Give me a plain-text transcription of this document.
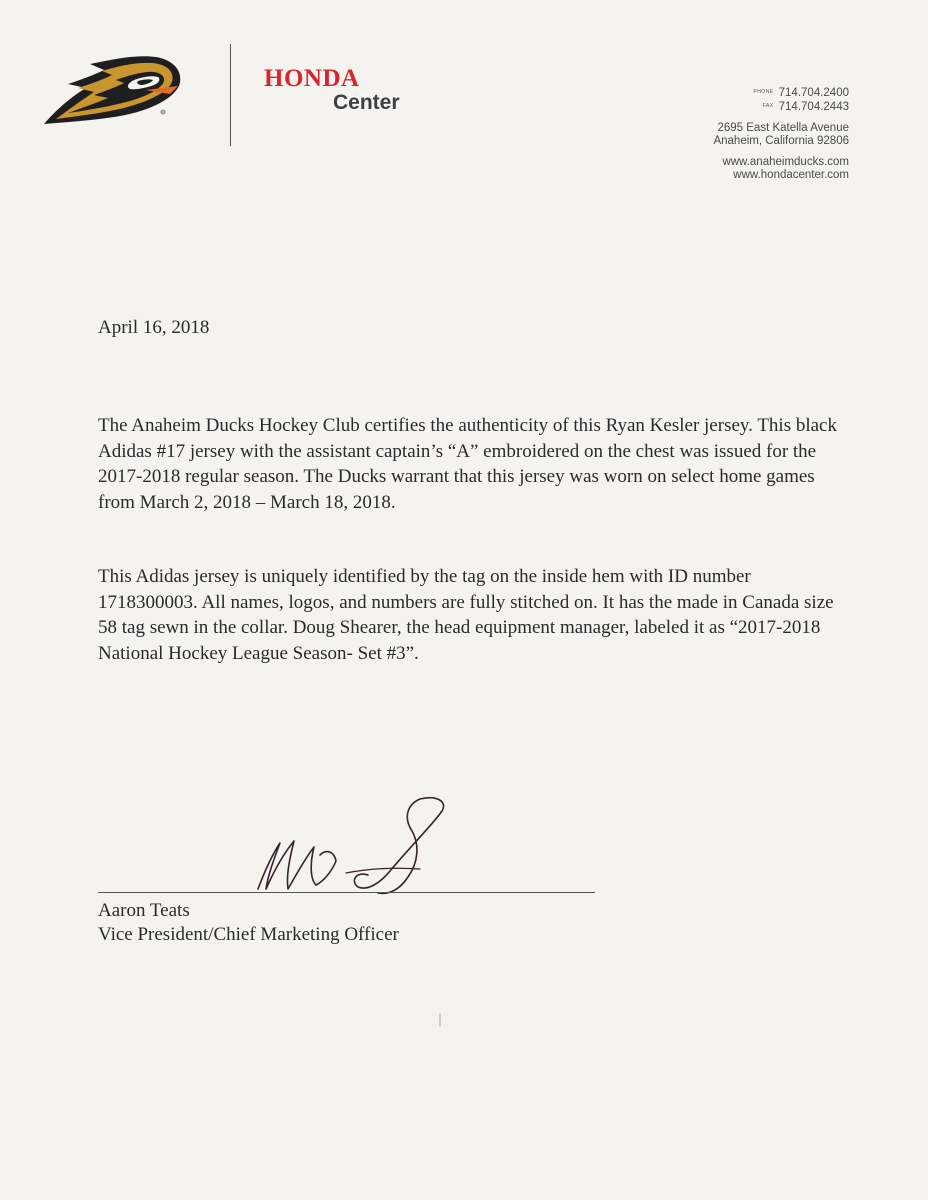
R
HONDA
Center	PHONE 714.704.2400
FAX 714.704.2443
2695 East Katella Avenue
Anaheim, California 92806
www.anaheimducks.com
www.hondacenter.com
April 16, 2018

The Anaheim Ducks Hockey Club certifies the authenticity of this Ryan Kesler jersey. This black Adidas #17 jersey with the assistant captain’s “A” embroidered on the chest was issued for the 2017-2018 regular season. The Ducks warrant that this jersey was worn on select home games from March 2, 2018 – March 18, 2018.

This Adidas jersey is uniquely identified by the tag on the inside hem with ID number 1718300003. All names, logos, and numbers are fully stitched on. It has the made in Canada size 58 tag sewn in the collar. Doug Shearer, the head equipment manager, labeled it as “2017-2018 National Hockey League Season- Set #3”.

Aaron Teats
Vice President/Chief Marketing Officer
